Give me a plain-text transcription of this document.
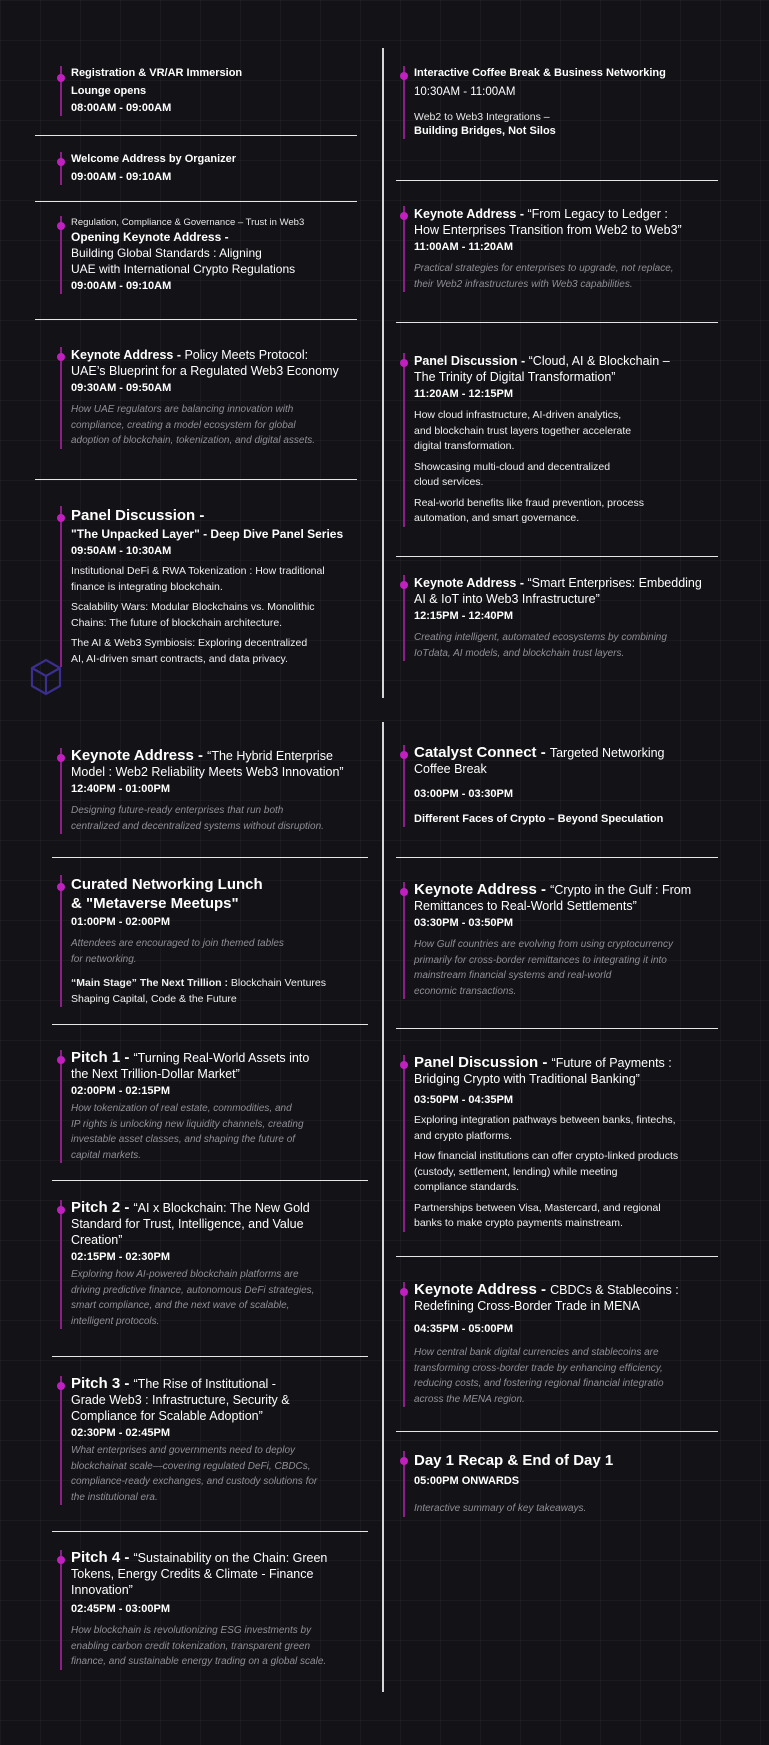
Registration & VR/AR Immersion
Lounge opens
08:00AM - 09:00AM
Welcome Address by Organizer
09:00AM - 09:10AM
Regulation, Compliance & Governance – Trust in Web3
Opening Keynote Address -
Building Global Standards : Aligning
UAE with International Crypto Regulations
09:00AM - 09:10AM
Keynote Address - Policy Meets Protocol:
UAE’s Blueprint for a Regulated Web3 Economy
09:30AM - 09:50AM
How UAE regulators are balancing innovation with
compliance, creating a model ecosystem for global
adoption of blockchain, tokenization, and digital assets.
Panel Discussion -
"The Unpacked Layer" - Deep Dive Panel Series
09:50AM - 10:30AM
Institutional DeFi & RWA Tokenization : How traditional
finance is integrating blockchain.
Scalability Wars: Modular Blockchains vs. Monolithic
Chains: The future of blockchain architecture.
The AI & Web3 Symbiosis: Exploring decentralized
AI, AI-driven smart contracts, and data privacy.
Interactive Coffee Break & Business Networking
10:30AM - 11:00AM
Web2 to Web3 Integrations –
Building Bridges, Not Silos
Keynote Address - “From Legacy to Ledger :
How Enterprises Transition from Web2 to Web3”
11:00AM - 11:20AM
Practical strategies for enterprises to upgrade, not replace,
their Web2 infrastructures with Web3 capabilities.
Panel Discussion - “Cloud, AI & Blockchain –
The Trinity of Digital Transformation”
11:20AM - 12:15PM
How cloud infrastructure, AI-driven analytics,
and blockchain trust layers together accelerate
digital transformation.
Showcasing multi-cloud and decentralized
cloud services.
Real-world benefits like fraud prevention, process
automation, and smart governance.
Keynote Address - “Smart Enterprises: Embedding
AI & IoT into Web3 Infrastructure”
12:15PM - 12:40PM
Creating intelligent, automated ecosystems by combining
IoTdata, AI models, and blockchain trust layers.
Keynote Address - “The Hybrid Enterprise
Model : Web2 Reliability Meets Web3 Innovation”
12:40PM - 01:00PM
Designing future-ready enterprises that run both
centralized and decentralized systems without disruption.
Curated Networking Lunch
& "Metaverse Meetups"
01:00PM - 02:00PM
Attendees are encouraged to join themed tables
for networking.
“Main Stage” The Next Trillion : Blockchain Ventures
Shaping Capital, Code & the Future
Pitch 1 - “Turning Real-World Assets into
the Next Trillion-Dollar Market”
02:00PM - 02:15PM
How tokenization of real estate, commodities, and
IP rights is unlocking new liquidity channels, creating
investable asset classes, and shaping the future of
capital markets.
Pitch 2 - “AI x Blockchain: The New Gold
Standard for Trust, Intelligence, and Value
Creation”
02:15PM - 02:30PM
Exploring how AI-powered blockchain platforms are
driving predictive finance, autonomous DeFi strategies,
smart compliance, and the next wave of scalable,
intelligent protocols.
Pitch 3 - “The Rise of Institutional -
Grade Web3 : Infrastructure, Security &
Compliance for Scalable Adoption”
02:30PM - 02:45PM
What enterprises and governments need to deploy
blockchainat scale—covering regulated DeFi, CBDCs,
compliance-ready exchanges, and custody solutions for
the institutional era.
Pitch 4 - “Sustainability on the Chain: Green
Tokens, Energy Credits & Climate - Finance
Innovation”
02:45PM - 03:00PM
How blockchain is revolutionizing ESG investments by
enabling carbon credit tokenization, transparent green
finance, and sustainable energy trading on a global scale.
Catalyst Connect - Targeted Networking
Coffee Break
03:00PM - 03:30PM
Different Faces of Crypto – Beyond Speculation
Keynote Address - “Crypto in the Gulf : From
Remittances to Real-World Settlements”
03:30PM - 03:50PM
How Gulf countries are evolving from using cryptocurrency
primarily for cross-border remittances to integrating it into
mainstream financial systems and real-world
economic transactions.
Panel Discussion - “Future of Payments :
Bridging Crypto with Traditional Banking”
03:50PM - 04:35PM
Exploring integration pathways between banks, fintechs,
and crypto platforms.
How financial institutions can offer crypto-linked products
(custody, settlement, lending) while meeting
compliance standards.
Partnerships between Visa, Mastercard, and regional
banks to make crypto payments mainstream.
Keynote Address - CBDCs & Stablecoins :
Redefining Cross-Border Trade in MENA
04:35PM - 05:00PM
How central bank digital currencies and stablecoins are
transforming cross-border trade by enhancing efficiency,
reducing costs, and fostering regional financial integratio
across the MENA region.
Day 1 Recap & End of Day 1
05:00PM ONWARDS
Interactive summary of key takeaways.
